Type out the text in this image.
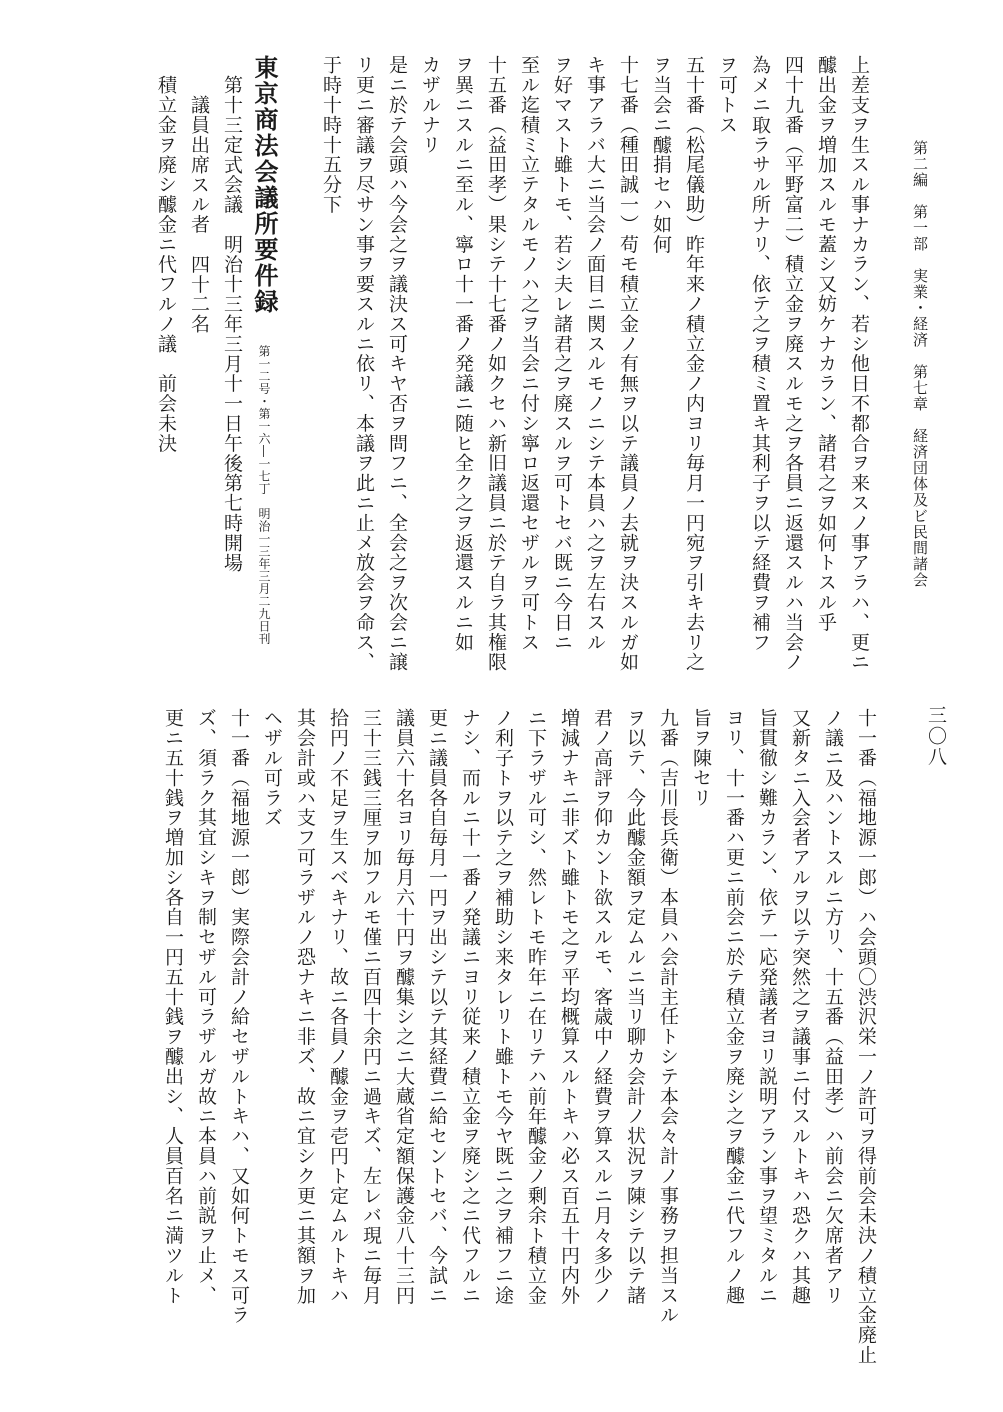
第二編　第一部　実業・経済　第七章　経済団体及ビ民間諸会
三〇八
上差支ヲ生スル事ナカラン、若シ他日不都合ヲ来スノ事アラハ、更ニ
醵出金ヲ増加スルモ蓋シ又妨ケナカラン、諸君之ヲ如何トスル乎
四十九番（平野富二）積立金ヲ廃スルモ之ヲ各員ニ返還スルハ当会ノ
為メニ取ラサル所ナリ、依テ之ヲ積ミ置キ其利子ヲ以テ経費ヲ補フ
ヲ可トス
五十番（松尾儀助）昨年来ノ積立金ノ内ヨリ毎月一円宛ヲ引キ去リ之
ヲ当会ニ醵捐セハ如何
十七番（種田誠一）苟モ積立金ノ有無ヲ以テ議員ノ去就ヲ決スルガ如
キ事アラバ大ニ当会ノ面目ニ関スルモノニシテ本員ハ之ヲ左右スル
ヲ好マスト雖トモ、若シ夫レ諸君之ヲ廃スルヲ可トセバ既ニ今日ニ
至ル迄積ミ立テタルモノハ之ヲ当会ニ付シ寧ロ返還セザルヲ可トス
十五番（益田孝）果シテ十七番ノ如クセハ新旧議員ニ於テ自ラ其権限
ヲ異ニスルニ至ル、寧ロ十一番ノ発議ニ随ヒ全ク之ヲ返還スルニ如
カザルナリ
是ニ於テ会頭ハ今会之ヲ議決ス可キヤ否ヲ問フニ、全会之ヲ次会ニ譲
リ更ニ審議ヲ尽サン事ヲ要スルニ依リ、本議ヲ此ニ止メ放会ヲ命ス、
于時十時十五分下
東京商法会議所要件録第一二号・第一六―一七丁　明治一三年三月二九日刊
第十三定式会議　明治十三年三月十一日午後第七時開場
議員出席スル者　四十二名
積立金ヲ廃シ醵金ニ代フルノ議　前会未決
十一番（福地源一郎）ハ会頭〇渋沢栄一ノ許可ヲ得前会未決ノ積立金廃止
ノ議ニ及ハントスルニ方リ、十五番（益田孝）ハ前会ニ欠席者アリ
又新タニ入会者アルヲ以テ突然之ヲ議事ニ付スルトキハ恐クハ其趣
旨貫徹シ難カラン、依テ一応発議者ヨリ説明アラン事ヲ望ミタルニ
ヨリ、十一番ハ更ニ前会ニ於テ積立金ヲ廃シ之ヲ醵金ニ代フルノ趣
旨ヲ陳セリ
九番（吉川長兵衛）本員ハ会計主任トシテ本会々計ノ事務ヲ担当スル
ヲ以テ、今此醵金額ヲ定ムルニ当リ聊カ会計ノ状況ヲ陳シテ以テ諸
君ノ高評ヲ仰カント欲スルモ、客歳中ノ経費ヲ算スルニ月々多少ノ
増減ナキニ非ズト雖トモ之ヲ平均概算スルトキハ必ス百五十円内外
ニ下ラザル可シ、然レトモ昨年ニ在リテハ前年醵金ノ剰余ト積立金
ノ利子トヲ以テ之ヲ補助シ来タレリト雖トモ今ヤ既ニ之ヲ補フニ途
ナシ、而ルニ十一番ノ発議ニヨリ従来ノ積立金ヲ廃シ之ニ代フルニ
更ニ議員各自毎月一円ヲ出シテ以テ其経費ニ給セントセバ、今試ニ
議員六十名ヨリ毎月六十円ヲ醵集シ之ニ大蔵省定額保護金八十三円
三十三銭三厘ヲ加フルモ僅ニ百四十余円ニ過キズ、左レバ現ニ毎月
拾円ノ不足ヲ生スベキナリ、故ニ各員ノ醵金ヲ壱円ト定ムルトキハ
其会計或ハ支フ可ラザルノ恐ナキニ非ズ、故ニ宜シク更ニ其額ヲ加
ヘザル可ラズ
十一番（福地源一郎）実際会計ノ給セザルトキハ、又如何トモス可ラ
ズ、須ラク其宜シキヲ制セザル可ラザルガ故ニ本員ハ前説ヲ止メ、
更ニ五十銭ヲ増加シ各自一円五十銭ヲ醵出シ、人員百名ニ満ツルト
